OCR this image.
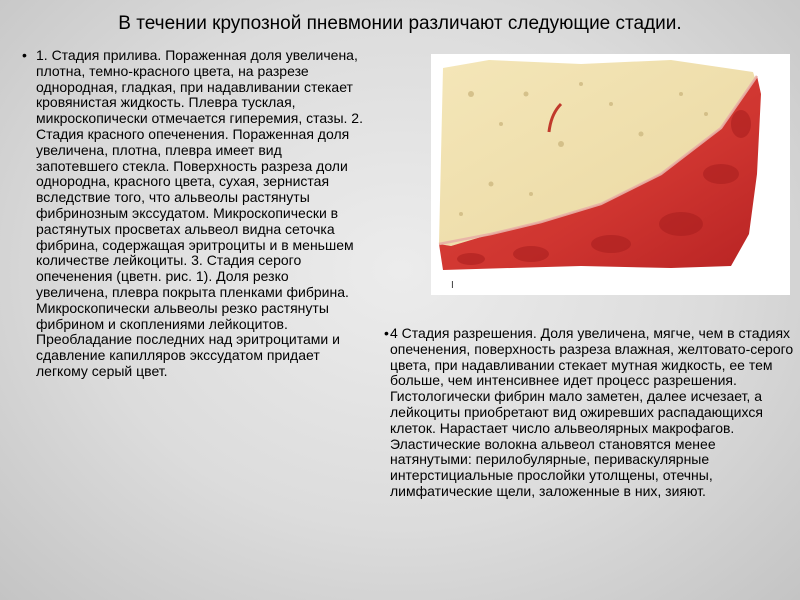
В течении крупозной пневмонии различают следующие стадии.
• 1. Стадия прилива. Пораженная доля увеличена, плотна, темно-красного цвета, на разрезе однородная, гладкая, при надавливании стекает кровянистая жидкость. Плевра тусклая, микроскопически отмечается гиперемия, стазы. 2. Стадия красного опеченения. Пораженная доля увеличена, плотна, плевра имеет вид запотевшего стекла. Поверхность разреза доли однородна, красного цвета, сухая, зернистая вследствие того, что альвеолы растянуты фибринозным экссудатом. Микроскопически в растянутых просветах альвеол видна сеточка фибрина, содержащая эритроциты и в меньшем количестве лейкоциты. 3. Стадия серого опеченения (цветн. рис. 1). Доля резко увеличена, плевра покрыта пленками фибрина. Микроскопически альвеолы резко растянуты фибрином и скоплениями лейкоцитов. Преобладание последних над эритроцитами и сдавление капилляров экссудатом придает легкому серый цвет.
I
• 4 Стадия разрешения. Доля увеличена, мягче, чем в стадиях опеченения, поверхность разреза влажная, желтовато-серого цвета, при надавливании стекает мутная жидкость, ее тем больше, чем интенсивнее идет процесс разрешения. Гистологически фибрин мало заметен, далее исчезает, а лейкоциты приобретают вид ожиревших распадающихся клеток. Нарастает число альвеолярных макрофагов. Эластические волокна альвеол становятся менее натянутыми: перилобулярные, периваскулярные интерстициальные прослойки утолщены, отечны, лимфатические щели, заложенные в них, зияют.
